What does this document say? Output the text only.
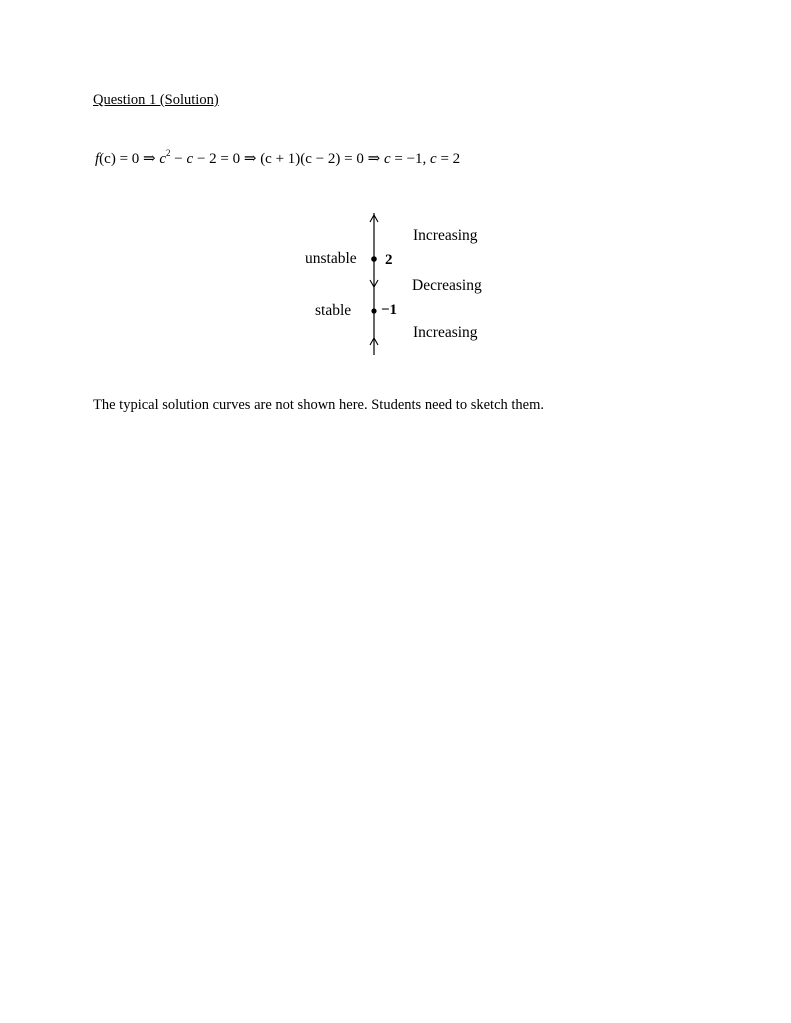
Question 1 (Solution)
f(c) = 0 ⇒ $c^2 - c - 2 = 0$ ⇒ (c + 1)(c − 2) = 0 ⇒ c = −1, c = 2
Increasing
Decreasing
Increasing
unstable
stable
2
−1
The typical solution curves are not shown here. Students need to sketch them.
